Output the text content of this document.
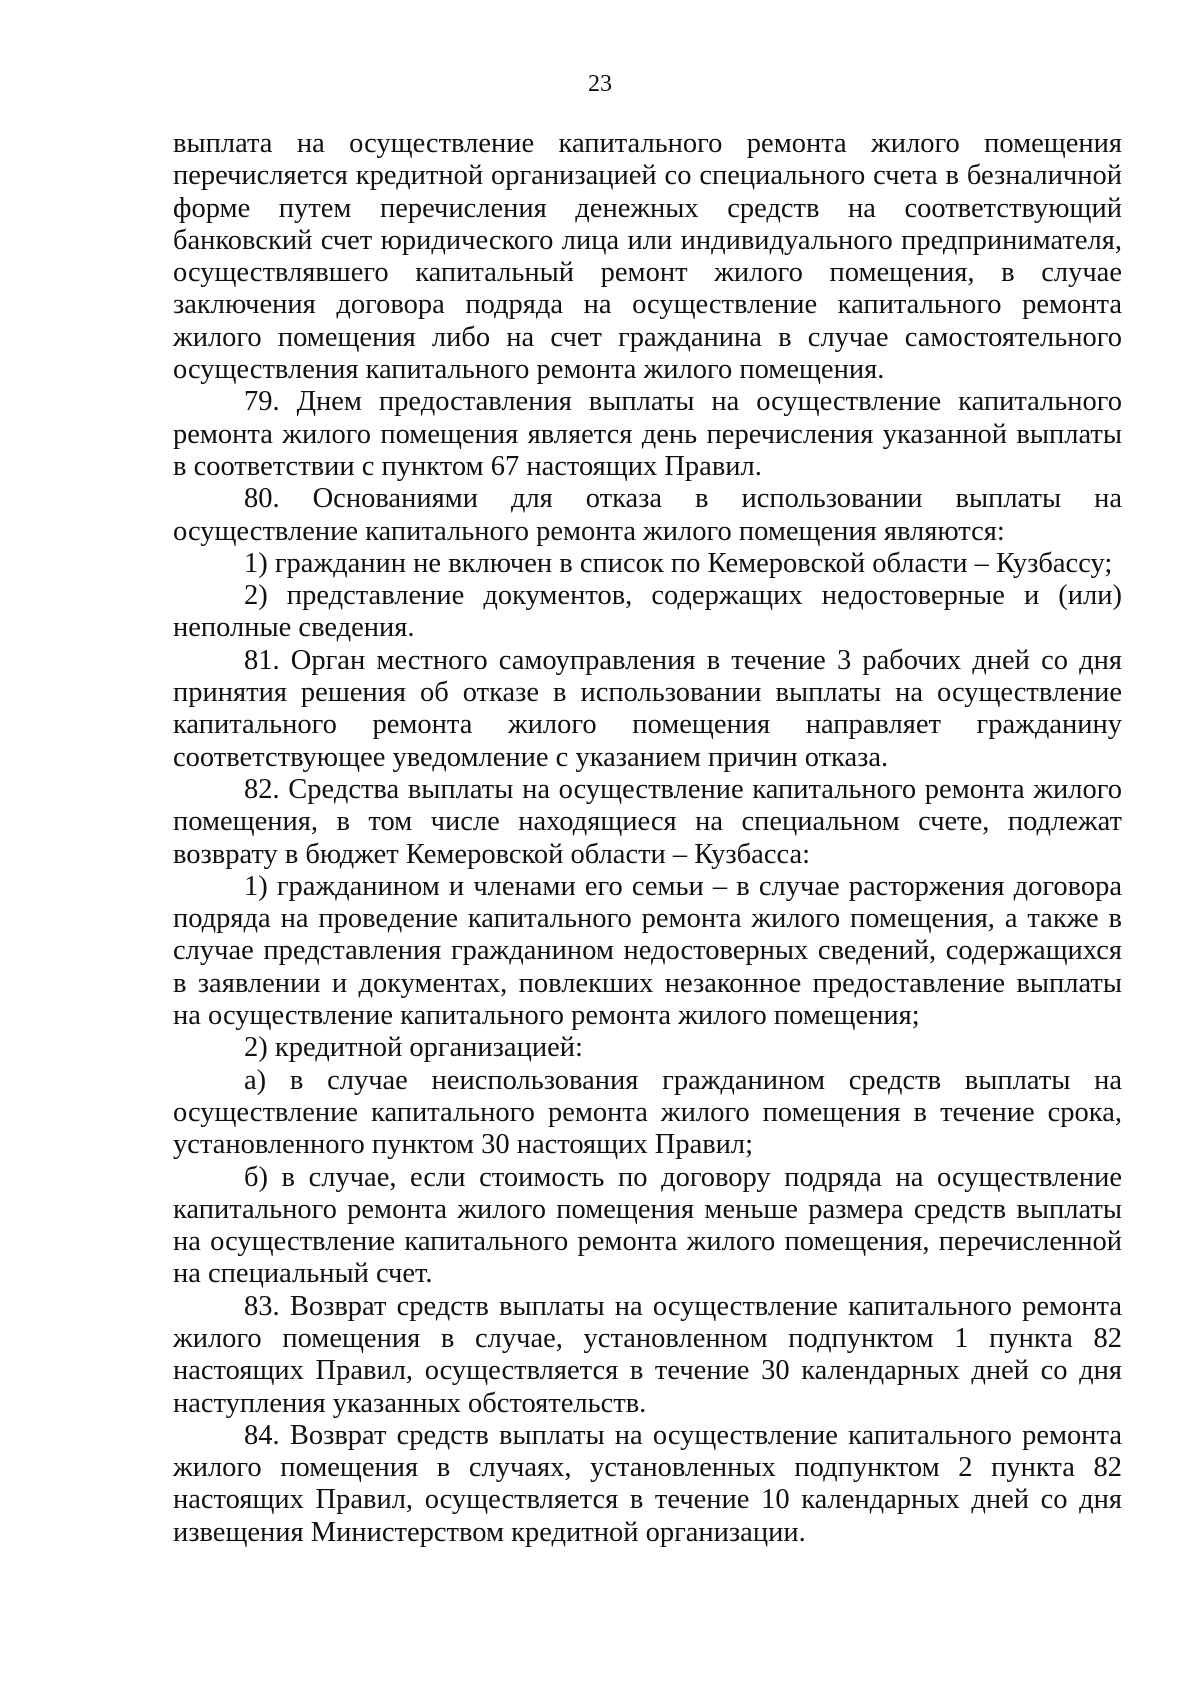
23

выплата на осуществление капитального ремонта жилого помещения перечисляется кредитной организацией со специального счета в безналичной форме путем перечисления денежных средств на соответствующий банковский счет юридического лица или индивидуального предпринимателя, осуществлявшего капитальный ремонт жилого помещения, в случае заключения договора подряда на осуществление капитального ремонта жилого помещения либо на счет гражданина в случае самостоятельного осуществления капитального ремонта жилого помещения.

79. Днем предоставления выплаты на осуществление капитального ремонта жилого помещения является день перечисления указанной выплаты в соответствии с пунктом 67 настоящих Правил.

80. Основаниями для отказа в использовании выплаты на осуществление капитального ремонта жилого помещения являются:

1) гражданин не включен в список по Кемеровской области – Кузбассу;

2) представление документов, содержащих недостоверные и (или) неполные сведения.

81. Орган местного самоуправления в течение 3 рабочих дней со дня принятия решения об отказе в использовании выплаты на осуществление капитального ремонта жилого помещения направляет гражданину соответствующее уведомление с указанием причин отказа.

82. Средства выплаты на осуществление капитального ремонта жилого помещения, в том числе находящиеся на специальном счете, подлежат возврату в бюджет Кемеровской области – Кузбасса:

1) гражданином и членами его семьи – в случае расторжения договора подряда на проведение капитального ремонта жилого помещения, а также в случае представления гражданином недостоверных сведений, содержащихся в заявлении и документах, повлекших незаконное предоставление выплаты на осуществление капитального ремонта жилого помещения;

2) кредитной организацией:

а) в случае неиспользования гражданином средств выплаты на осуществление капитального ремонта жилого помещения в течение срока, установленного пунктом 30 настоящих Правил;

б) в случае, если стоимость по договору подряда на осуществление капитального ремонта жилого помещения меньше размера средств выплаты на осуществление капитального ремонта жилого помещения, перечисленной на специальный счет.

83. Возврат средств выплаты на осуществление капитального ремонта жилого помещения в случае, установленном подпунктом 1 пункта 82 настоящих Правил, осуществляется в течение 30 календарных дней со дня наступления указанных обстоятельств.

84. Возврат средств выплаты на осуществление капитального ремонта жилого помещения в случаях, установленных подпунктом 2 пункта 82 настоящих Правил, осуществляется в течение 10 календарных дней со дня извещения Министерством кредитной организации.
